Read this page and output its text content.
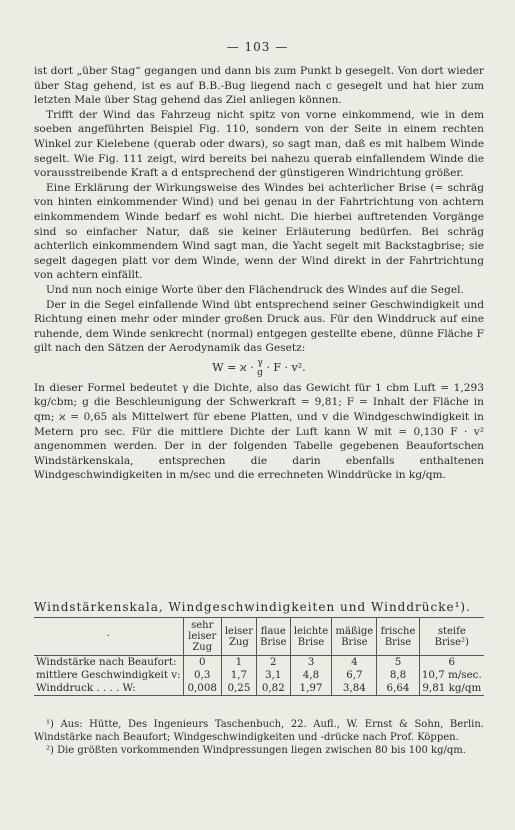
— 103 —

ist dort „über Stag“ gegangen und dann bis zum Punkt b gesegelt. Von dort wieder über Stag gehend, ist es auf B.B.-Bug liegend nach c gesegelt und hat hier zum letzten Male über Stag gehend das Ziel anliegen können.

Trifft der Wind das Fahrzeug nicht spitz von vorne einkommend, wie in dem soeben angeführten Beispiel Fig. 110, sondern von der Seite in einem rechten Winkel zur Kielebene (querab oder dwars), so sagt man, daß es mit halbem Winde segelt. Wie Fig. 111 zeigt, wird bereits bei nahezu querab einfallendem Winde die vorausstreibende Kraft a d entsprechend der günstigeren Windrichtung größer.

Eine Erklärung der Wirkungsweise des Windes bei achterlicher Brise (= schräg von hinten einkommender Wind) und bei genau in der Fahrtrichtung von achtern einkommendem Winde bedarf es wohl nicht. Die hierbei auftretenden Vorgänge sind so einfacher Natur, daß sie keiner Erläuterung bedürfen. Bei schräg achterlich einkommendem Wind sagt man, die Yacht segelt mit Backstagbrise; sie segelt dagegen platt vor dem Winde, wenn der Wind direkt in der Fahrtrichtung von achtern einfällt.

Und nun noch einige Worte über den Flächendruck des Windes auf die Segel.

Der in die Segel einfallende Wind übt entsprechend seiner Geschwindigkeit und Richtung einen mehr oder minder großen Druck aus. Für den Winddruck auf eine ruhende, dem Winde senkrecht (normal) entgegen gestellte ebene, dünne Fläche F gilt nach den Sätzen der Aerodynamik das Gesetz:

W = ϰ · γ
g · F · v².

In dieser Formel bedeutet γ die Dichte, also das Gewicht für 1 cbm Luft = 1,293 kg/cbm; g die Beschleunigung der Schwerkraft = 9,81; F = Inhalt der Fläche in qm; ϰ = 0,65 als Mittelwert für ebene Platten, und v die Windgeschwindigkeit in Metern pro sec. Für die mittlere Dichte der Luft kann W mit = 0,130 F · v² angenommen werden. Der in der folgenden Tabelle gegebenen Beaufortschen Windstärkenskala, entsprechen die darin ebenfalls enthaltenen Windgeschwindigkeiten in m/sec und die errechneten Winddrücke in kg/qm.

Windstärkenskala, Windgeschwindigkeiten und Winddrücke¹).
·	sehr leiser Zug	leiser Zug	flaue Brise	leichte Brise	mäßige Brise	frische Brise	steife Brise²)
Windstärke nach Beaufort:	0	1	2	3	4	5	6
mittlere Geschwindigkeit v:	0,3	1,7	3,1	4,8	6,7	8,8	10,7 m/sec.
Winddruck . . . . W:	0,008	0,25	0,82	1,97	3,84	6,64	9,81 kg/qm

¹) Aus: Hütte, Des Ingenieurs Taschenbuch, 22. Aufl., W. Ernst & Sohn, Berlin. Windstärke nach Beaufort; Windgeschwindigkeiten und -drücke nach Prof. Köppen.

²) Die größten vorkommenden Windpressungen liegen zwischen 80 bis 100 kg/qm.
